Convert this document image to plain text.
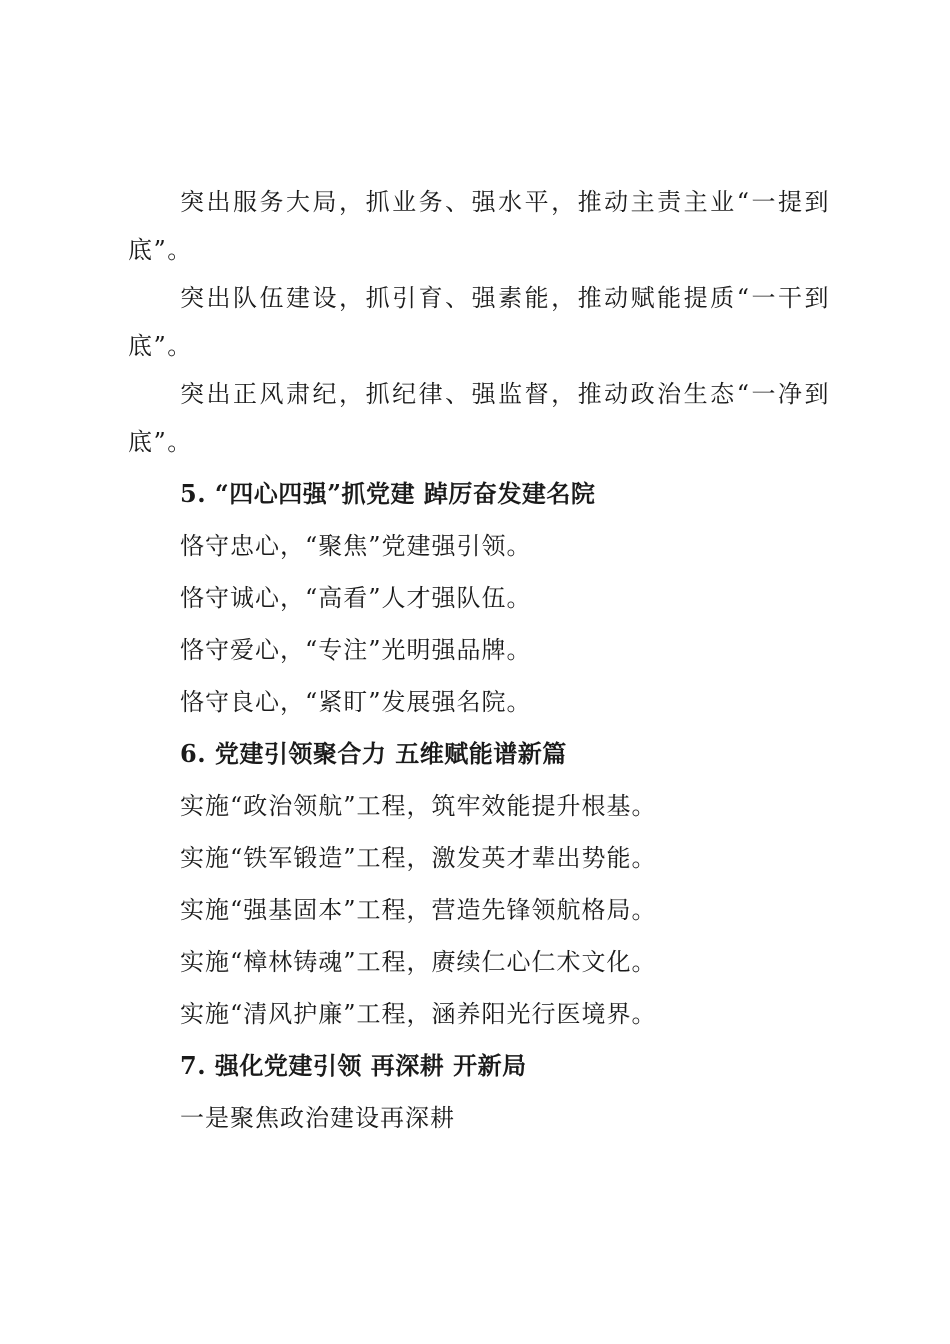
突出服务大局，抓业务、强水平，推动主责主业“一提到底”。

突出队伍建设，抓引育、强素能，推动赋能提质“一干到底”。

突出正风肃纪，抓纪律、强监督，推动政治生态“一净到底”。

5. “四心四强”抓党建 踔厉奋发建名院

恪守忠心，“聚焦”党建强引领。

恪守诚心，“高看”人才强队伍。

恪守爱心，“专注”光明强品牌。

恪守良心，“紧盯”发展强名院。

6. 党建引领聚合力 五维赋能谱新篇

实施“政治领航”工程，筑牢效能提升根基。

实施“铁军锻造”工程，激发英才辈出势能。

实施“强基固本”工程，营造先锋领航格局。

实施“樟林铸魂”工程，赓续仁心仁术文化。

实施“清风护廉”工程，涵养阳光行医境界。

7. 强化党建引领 再深耕 开新局

一是聚焦政治建设再深耕
